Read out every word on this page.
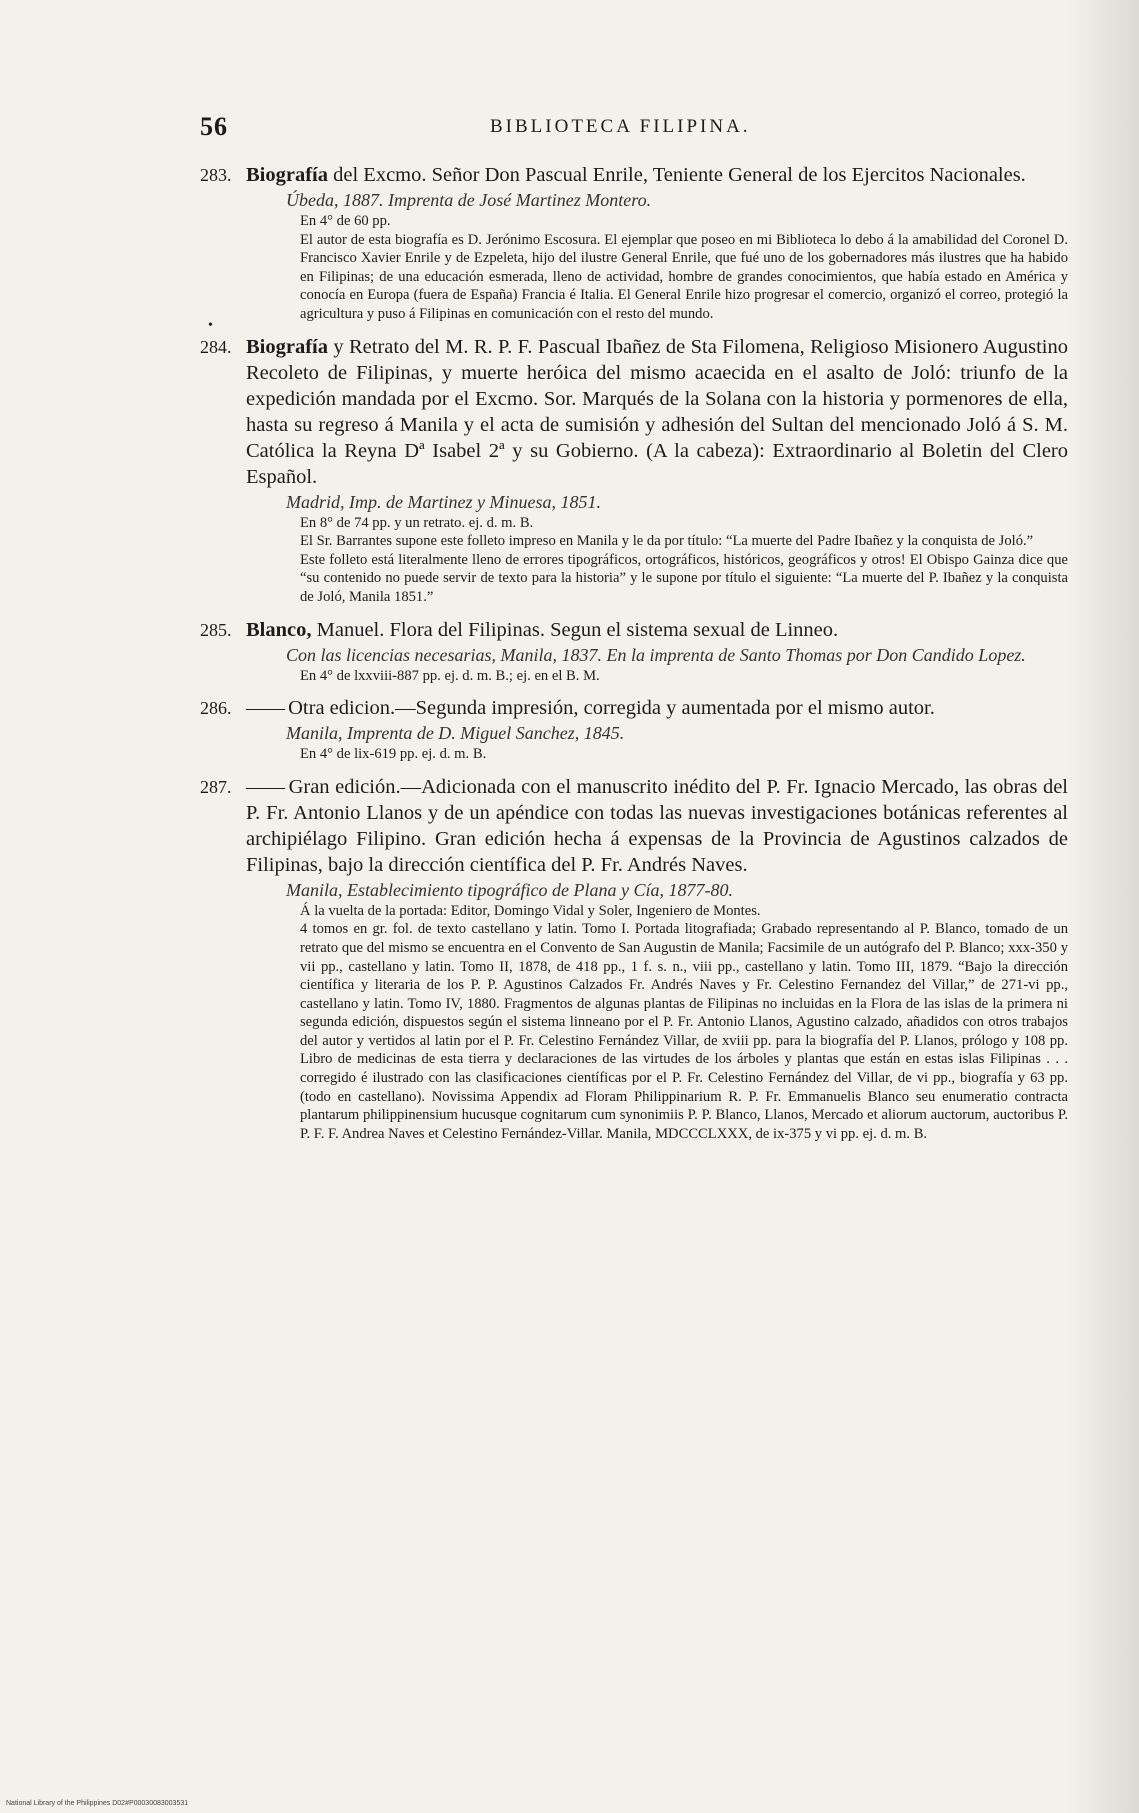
56	BIBLIOTECA FILIPINA.
•
283. Biografía del Excmo. Señor Don Pascual Enrile, Teniente General de los Ejercitos Nacionales.
Úbeda, 1887. Imprenta de José Martinez Montero.
En 4° de 60 pp.
El autor de esta biografía es D. Jerónimo Escosura. El ejemplar que poseo en mi Biblioteca lo debo á la amabilidad del Coronel D. Francisco Xavier Enrile y de Ezpeleta, hijo del ilustre General Enrile, que fué uno de los gobernadores más ilustres que ha habido en Filipinas; de una educación esmerada, lleno de actividad, hombre de grandes conocimientos, que había estado en América y conocía en Europa (fuera de España) Francia é Italia. El General Enrile hizo progresar el comercio, organizó el correo, protegió la agricultura y puso á Filipinas en comunicación con el resto del mundo.
284. Biografía y Retrato del M. R. P. F. Pascual Ibañez de Sta Filomena, Religioso Misionero Augustino Recoleto de Filipinas, y muerte heróica del mismo acaecida en el asalto de Joló: triunfo de la expedición mandada por el Excmo. Sor. Marqués de la Solana con la historia y pormenores de ella, hasta su regreso á Manila y el acta de sumisión y adhesión del Sultan del mencionado Joló á S. M. Católica la Reyna Dª Isabel 2ª y su Gobierno. (A la cabeza): Extraordinario al Boletin del Clero Español.
Madrid, Imp. de Martinez y Minuesa, 1851.
En 8° de 74 pp. y un retrato. ej. d. m. B.
El Sr. Barrantes supone este folleto impreso en Manila y le da por título: “La muerte del Padre Ibañez y la conquista de Joló.”
Este folleto está literalmente lleno de errores tipográficos, ortográficos, históricos, geográficos y otros! El Obispo Gainza dice que “su contenido no puede servir de texto para la historia” y le supone por título el siguiente: “La muerte del P. Ibañez y la conquista de Joló, Manila 1851.”
285. Blanco, Manuel. Flora del Filipinas. Segun el sistema sexual de Linneo.
Con las licencias necesarias, Manila, 1837. En la imprenta de Santo Thomas por Don Candido Lopez.
En 4° de lxxviii-887 pp. ej. d. m. B.; ej. en el B. M.
286. —— Otra edicion.—Segunda impresión, corregida y aumentada por el mismo autor.
Manila, Imprenta de D. Miguel Sanchez, 1845.
En 4° de lix-619 pp. ej. d. m. B.
287. —— Gran edición.—Adicionada con el manuscrito inédito del P. Fr. Ignacio Mercado, las obras del P. Fr. Antonio Llanos y de un apéndice con todas las nuevas investigaciones botánicas referentes al archipiélago Filipino. Gran edición hecha á expensas de la Provincia de Agustinos calzados de Filipinas, bajo la dirección científica del P. Fr. Andrés Naves.
Manila, Establecimiento tipográfico de Plana y Cía, 1877-80.
Á la vuelta de la portada: Editor, Domingo Vidal y Soler, Ingeniero de Montes.
4 tomos en gr. fol. de texto castellano y latin. Tomo I. Portada litografiada; Grabado representando al P. Blanco, tomado de un retrato que del mismo se encuentra en el Convento de San Augustin de Manila; Facsimile de un autógrafo del P. Blanco; xxx-350 y vii pp., castellano y latin. Tomo II, 1878, de 418 pp., 1 f. s. n., viii pp., castellano y latin. Tomo III, 1879. “Bajo la dirección científica y literaria de los P. P. Agustinos Calzados Fr. Andrés Naves y Fr. Celestino Fernandez del Villar,” de 271-vi pp., castellano y latin. Tomo IV, 1880. Fragmentos de algunas plantas de Filipinas no incluidas en la Flora de las islas de la primera ni segunda edición, dispuestos según el sistema linneano por el P. Fr. Antonio Llanos, Agustino calzado, añadidos con otros trabajos del autor y vertidos al latin por el P. Fr. Celestino Fernández Villar, de xviii pp. para la biografía del P. Llanos, prólogo y 108 pp. Libro de medicinas de esta tierra y declaraciones de las virtudes de los árboles y plantas que están en estas islas Filipinas . . . corregido é ilustrado con las clasificaciones científicas por el P. Fr. Celestino Fernández del Villar, de vi pp., biografía y 63 pp. (todo en castellano). Novissima Appendix ad Floram Philippinarium R. P. Fr. Emmanuelis Blanco seu enumeratio contracta plantarum philippinensium hucusque cognitarum cum synonimiis P. P. Blanco, Llanos, Mercado et aliorum auctorum, auctoribus P. P. F. F. Andrea Naves et Celestino Fernández-Villar. Manila, MDCCCLXXX, de ix-375 y vi pp. ej. d. m. B.
National Library of the Philippines D02#P00030083003531
